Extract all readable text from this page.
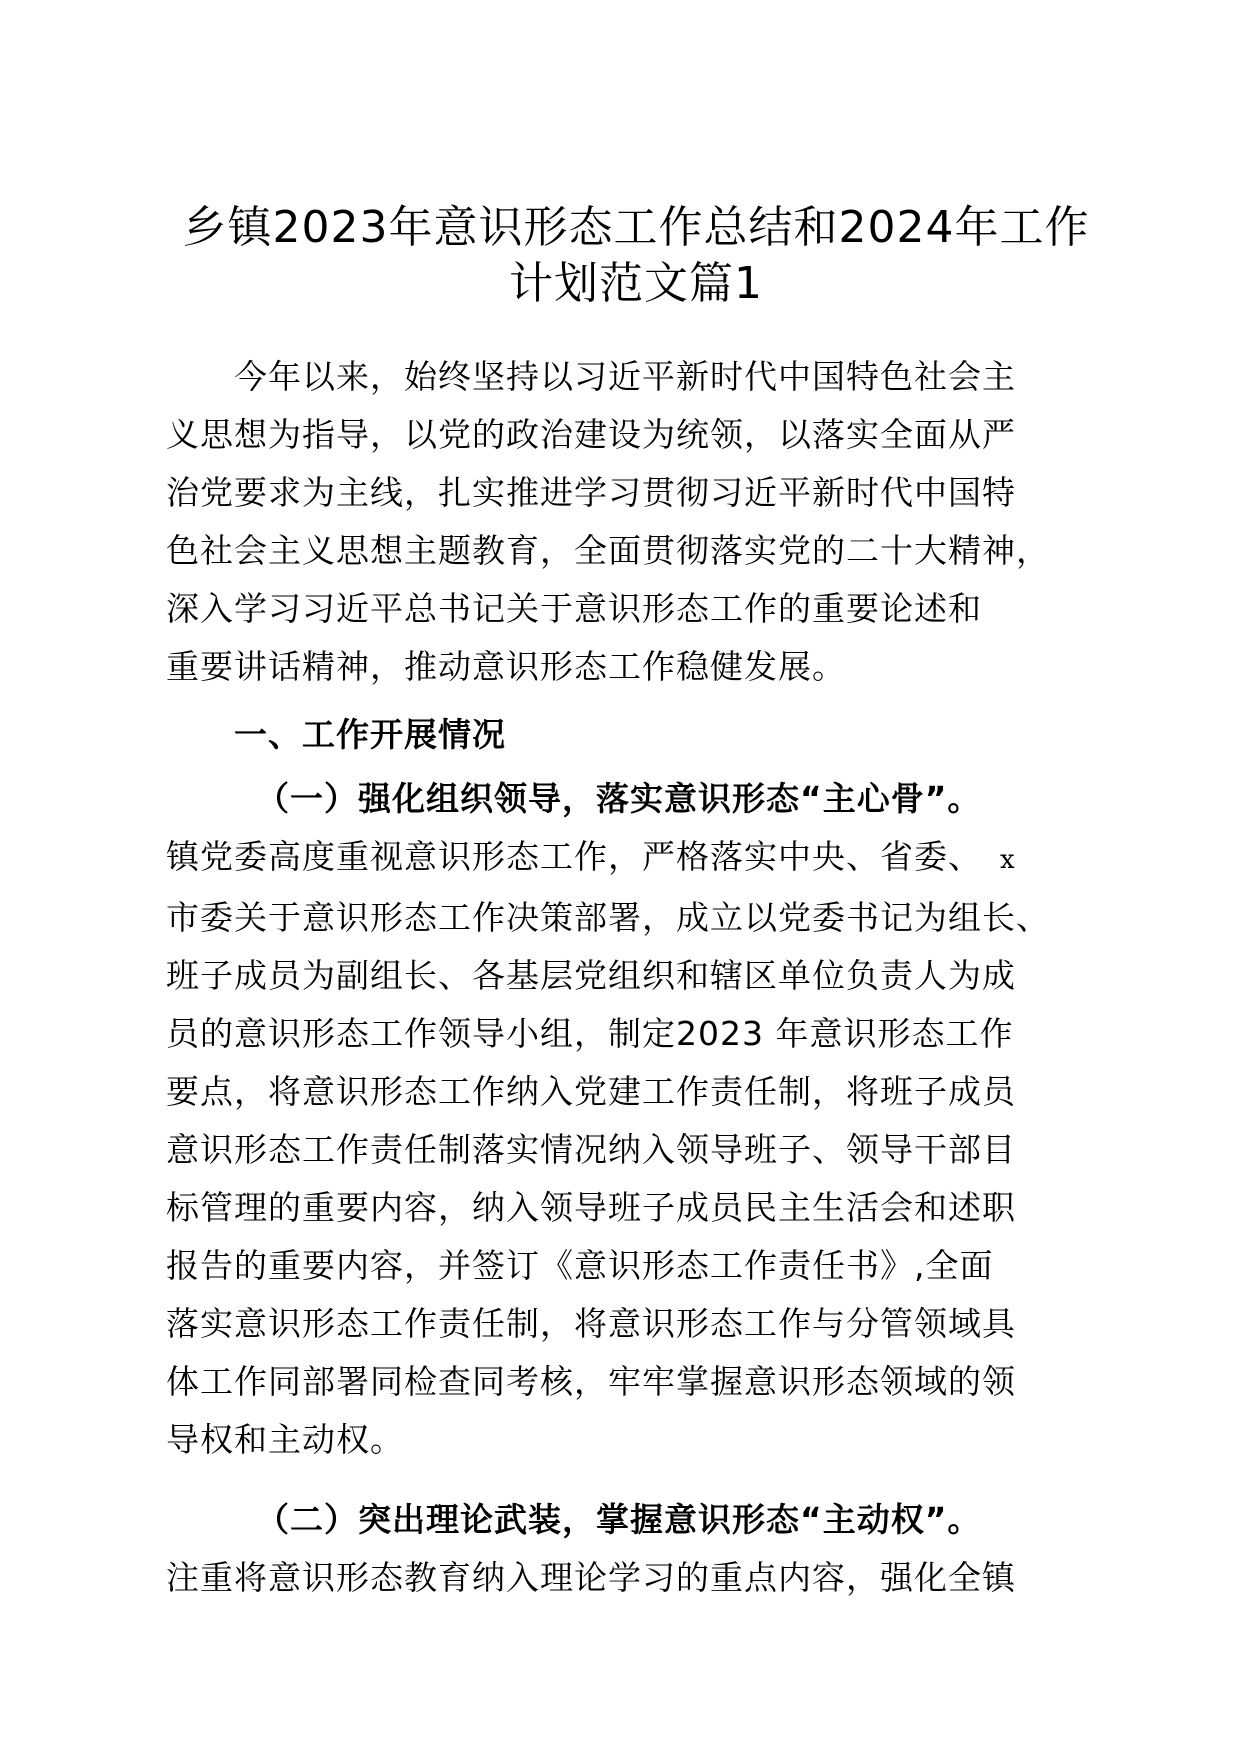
乡镇2023年意识形态工作总结和2024年工作
计划范文篇1
今年以来，始终坚持以习近平新时代中国特色社会主
义思想为指导，以党的政治建设为统领，以落实全面从严
治党要求为主线，扎实推进学习贯彻习近平新时代中国特
色社会主义思想主题教育，全面贯彻落实党的二十大精神，
深入学习习近平总书记关于意识形态工作的重要论述和
重要讲话精神，推动意识形态工作稳健发展。
一、工作开展情况
（一）强化组织领导，落实意识形态“主心骨”。
镇党委高度重视意识形态工作，严格落实中央、省委、 x
市委关于意识形态工作决策部署，成立以党委书记为组长、
班子成员为副组长、各基层党组织和辖区单位负责人为成
员的意识形态工作领导小组，制定2023 年意识形态工作
要点，将意识形态工作纳入党建工作责任制，将班子成员
意识形态工作责任制落实情况纳入领导班子、领导干部目
标管理的重要内容，纳入领导班子成员民主生活会和述职
报告的重要内容，并签订《意识形态工作责任书》,全面
落实意识形态工作责任制，将意识形态工作与分管领域具
体工作同部署同检查同考核，牢牢掌握意识形态领域的领
导权和主动权。
（二）突出理论武装，掌握意识形态“主动权”。
注重将意识形态教育纳入理论学习的重点内容，强化全镇
